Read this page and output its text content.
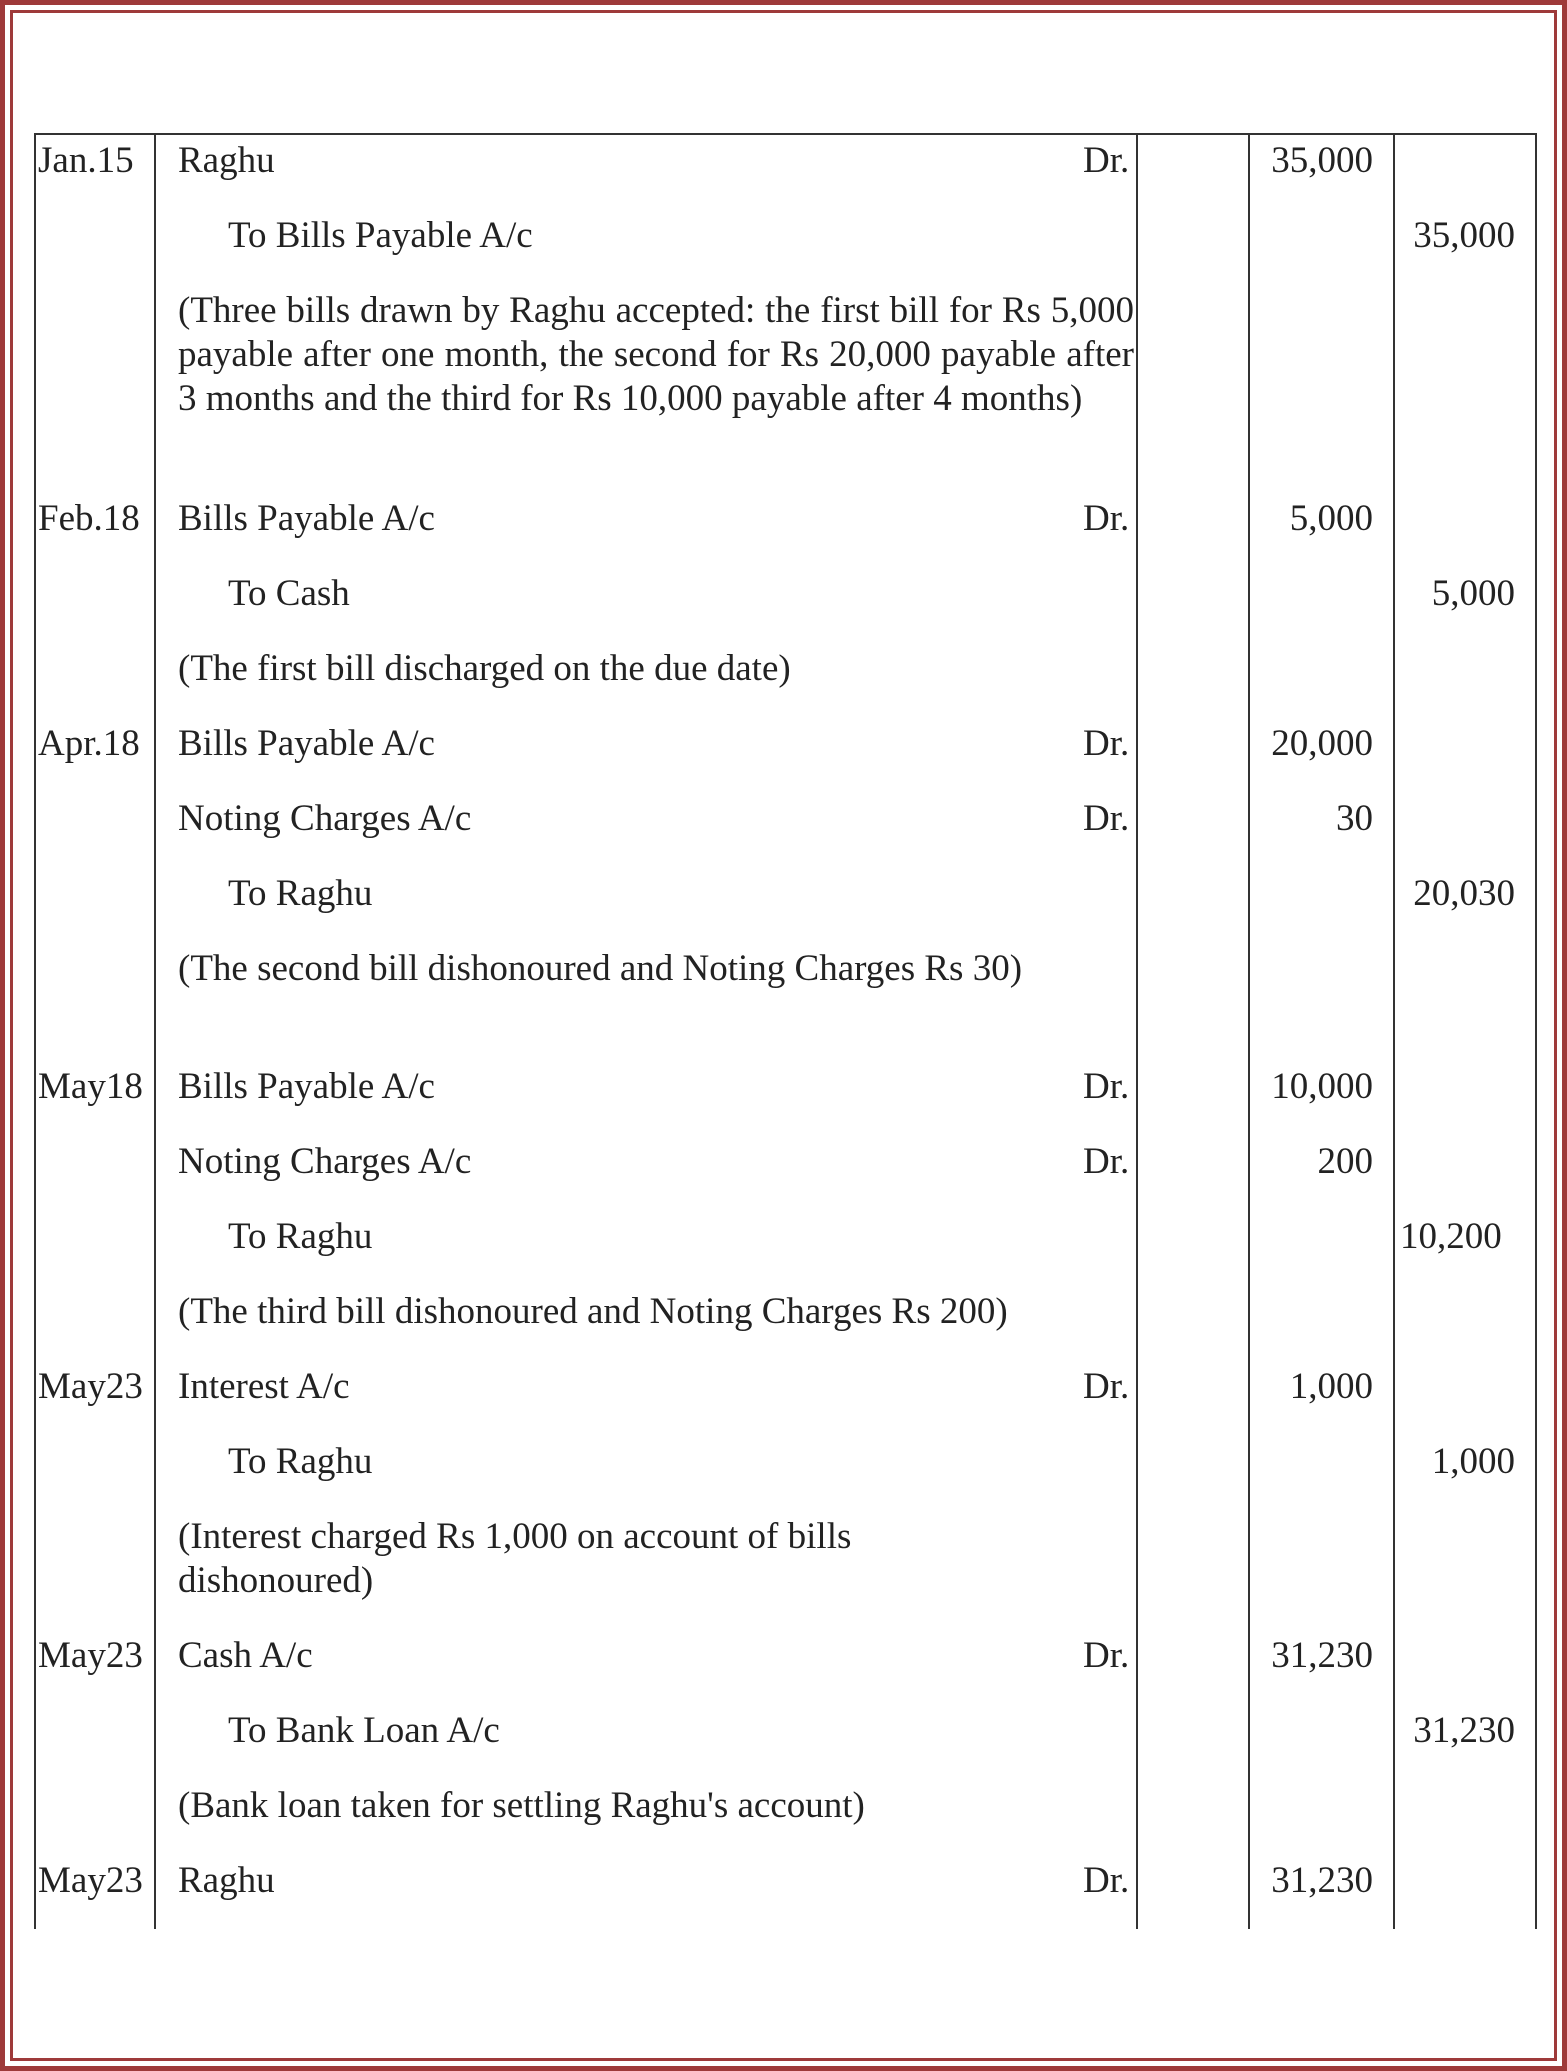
Jan.15 Raghu	Dr.	35,000
To Bills Payable A/c	35,000
(Three bills drawn by Raghu accepted: the first bill for Rs 5,000 payable after one month, the second for Rs 20,000 payable after 3 months and the third for Rs 10,000 payable after 4 months)
Feb.18 Bills Payable A/c	Dr.	5,000
To Cash	5,000
(The first bill discharged on the due date)
Apr.18 Bills Payable A/c	Dr.	20,000
Noting Charges A/c	Dr.	30
To Raghu	20,030
(The second bill dishonoured and Noting Charges Rs 30)
May18 Bills Payable A/c	Dr.	10,000
Noting Charges A/c	Dr.	200
To Raghu	10,200
(The third bill dishonoured and Noting Charges Rs 200)
May23 Interest A/c	Dr.	1,000
To Raghu	1,000
(Interest charged Rs 1,000 on account of bills dishonoured)
May23 Cash A/c	Dr.	31,230
To Bank Loan A/c	31,230
(Bank loan taken for settling Raghu's account)
May23 Raghu	Dr.	31,230
